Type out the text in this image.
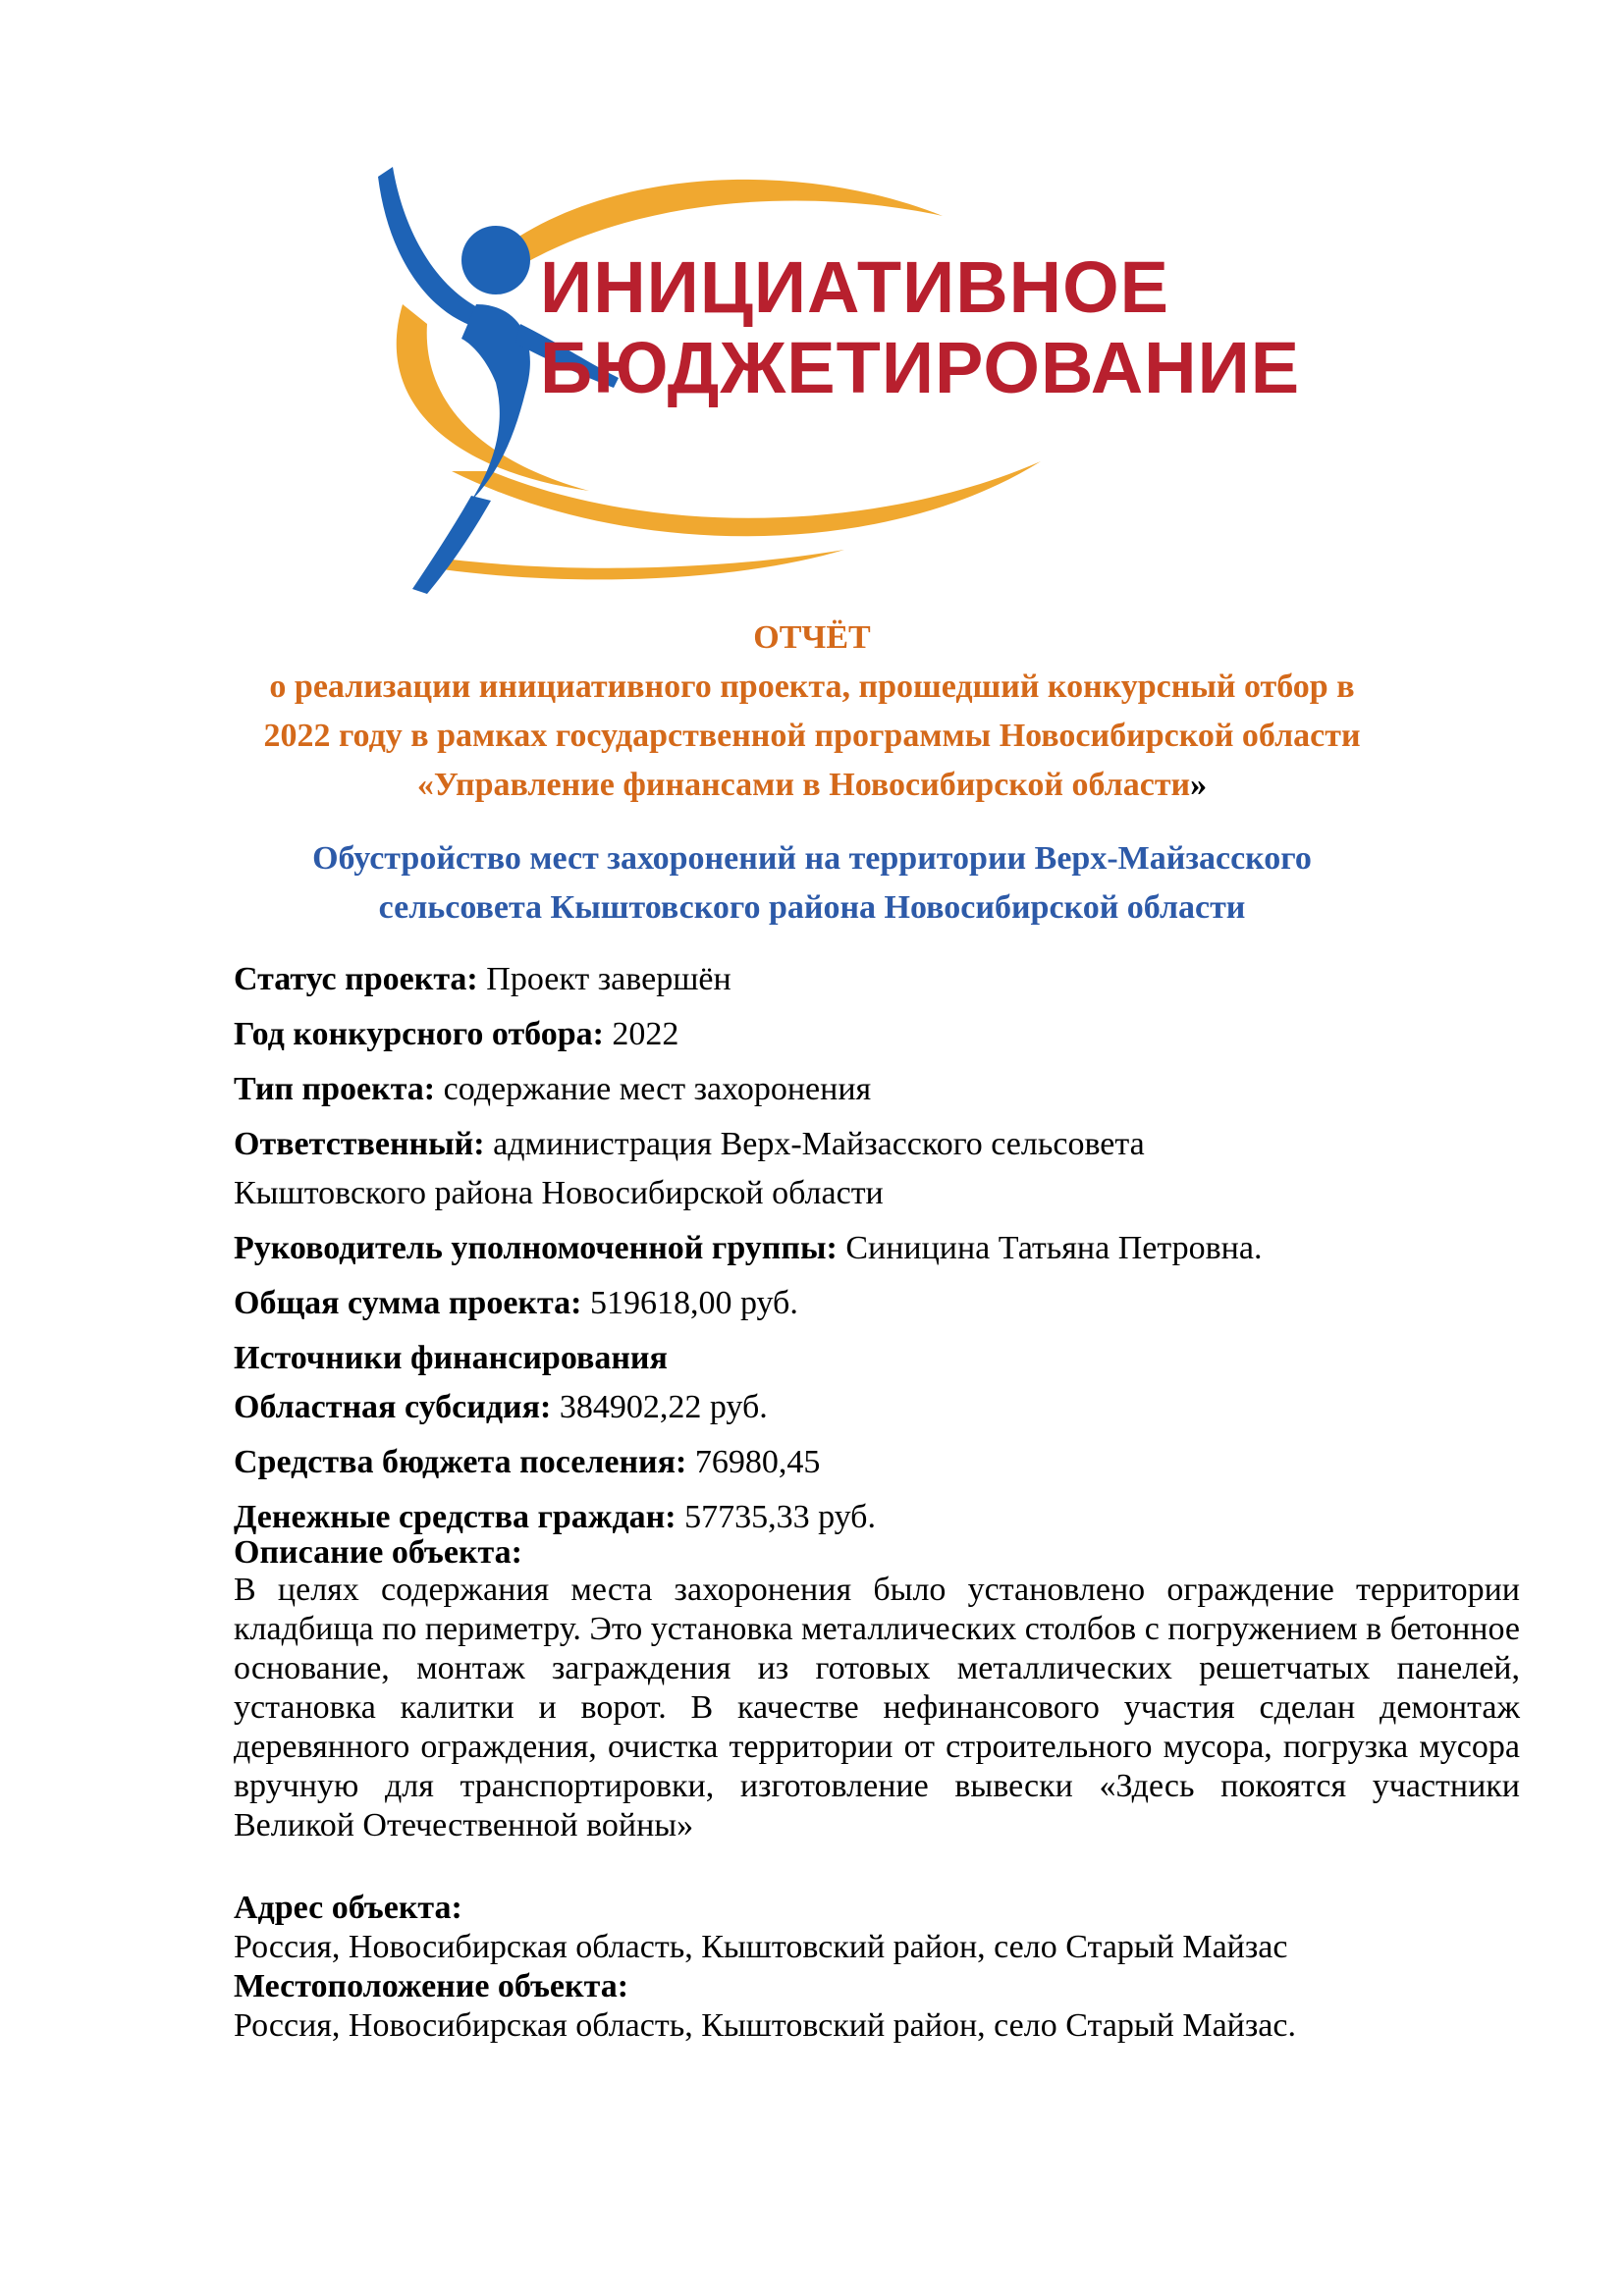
ИНИЦИАТИВНОЕ
БЮДЖЕТИРОВАНИЕ
ОТЧЁТ
о реализации инициативного проекта, прошедший конкурсный отбор в
2022 году в рамках государственной программы Новосибирской области
«Управление финансами в Новосибирской области»
Обустройство мест захоронений на территории Верх-Майзасского
сельсовета Кыштовского района Новосибирской области
Статус проекта: Проект завершён
Год конкурсного отбора: 2022
Тип проекта: содержание мест захоронения
Ответственный: администрация Верх-Майзасского сельсовета
Кыштовского района Новосибирской области
Руководитель уполномоченной группы: Синицина Татьяна Петровна.
Общая сумма проекта: 519618,00 руб.
Источники финансирования
Областная субсидия: 384902,22 руб.
Средства бюджета поселения: 76980,45
Денежные средства граждан: 57735,33 руб.
Описание объекта:
В целях содержания места захоронения было установлено ограждение территории кладбища по периметру. Это установка металлических столбов с погружением в бетонное основание, монтаж заграждения из готовых металлических решетчатых панелей, установка калитки и ворот. В качестве нефинансового участия сделан демонтаж деревянного ограждения, очистка территории от строительного мусора, погрузка мусора вручную для транспортировки, изготовление вывески «Здесь покоятся участники Великой Отечественной войны»
Адрес объекта:
Россия, Новосибирская область, Кыштовский район, село Старый Майзас
Местоположение объекта:
Россия, Новосибирская область, Кыштовский район, село Старый Майзас.
